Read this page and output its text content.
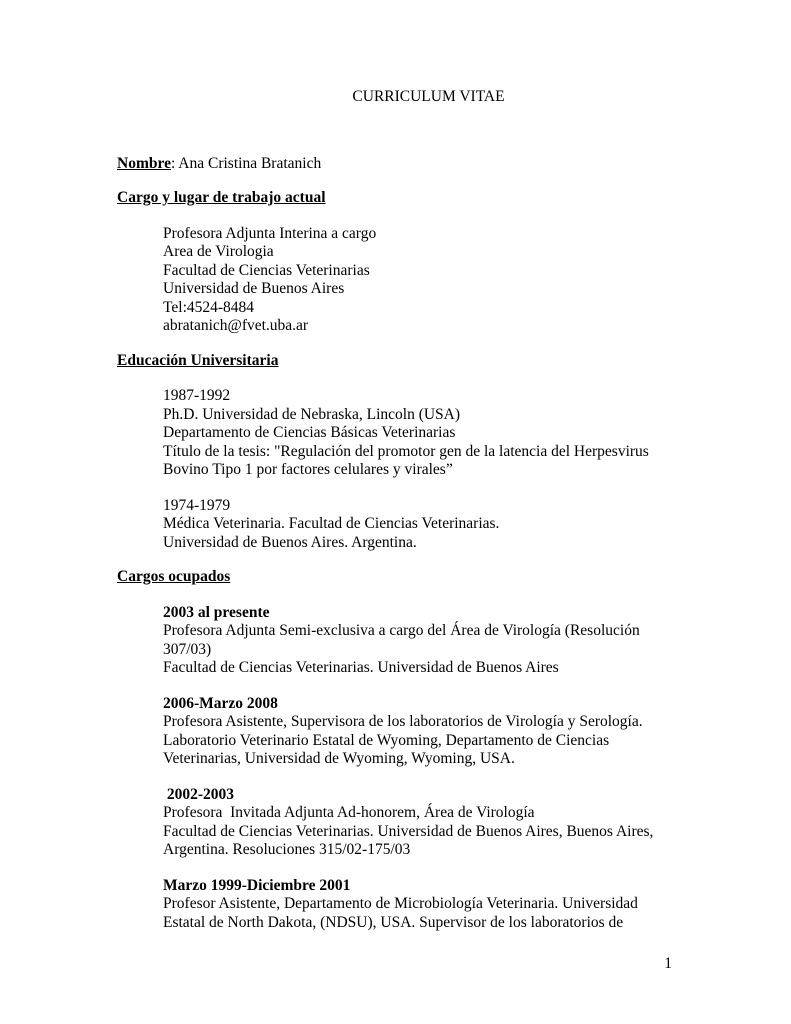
CURRICULUM VITAE

Nombre: Ana Cristina Bratanich

Cargo y lugar de trabajo actual
Profesora Adjunta Interina a cargo
Area de Virologia
Facultad de Ciencias Veterinarias
Universidad de Buenos Aires
Tel:4524-8484
abratanich@fvet.uba.ar
Educación Universitaria
1987-1992
Ph.D. Universidad de Nebraska, Lincoln (USA)
Departamento de Ciencias Básicas Veterinarias
Título de la tesis: "Regulación del promotor gen de la latencia del Herpesvirus
Bovino Tipo 1 por factores celulares y virales”
1974-1979
Médica Veterinaria. Facultad de Ciencias Veterinarias.
Universidad de Buenos Aires. Argentina.
Cargos ocupados
2003 al presente
Profesora Adjunta Semi-exclusiva a cargo del Área de Virología (Resolución
307/03)
Facultad de Ciencias Veterinarias. Universidad de Buenos Aires
2006-Marzo 2008
Profesora Asistente, Supervisora de los laboratorios de Virología y Serología.
Laboratorio Veterinario Estatal de Wyoming, Departamento de Ciencias
Veterinarias, Universidad de Wyoming, Wyoming, USA.
2002-2003
Profesora  Invitada Adjunta Ad-honorem, Área de Virología
Facultad de Ciencias Veterinarias. Universidad de Buenos Aires, Buenos Aires,
Argentina. Resoluciones 315/02-175/03
Marzo 1999-Diciembre 2001
Profesor Asistente, Departamento de Microbiología Veterinaria. Universidad
Estatal de North Dakota, (NDSU), USA. Supervisor de los laboratorios de
1
